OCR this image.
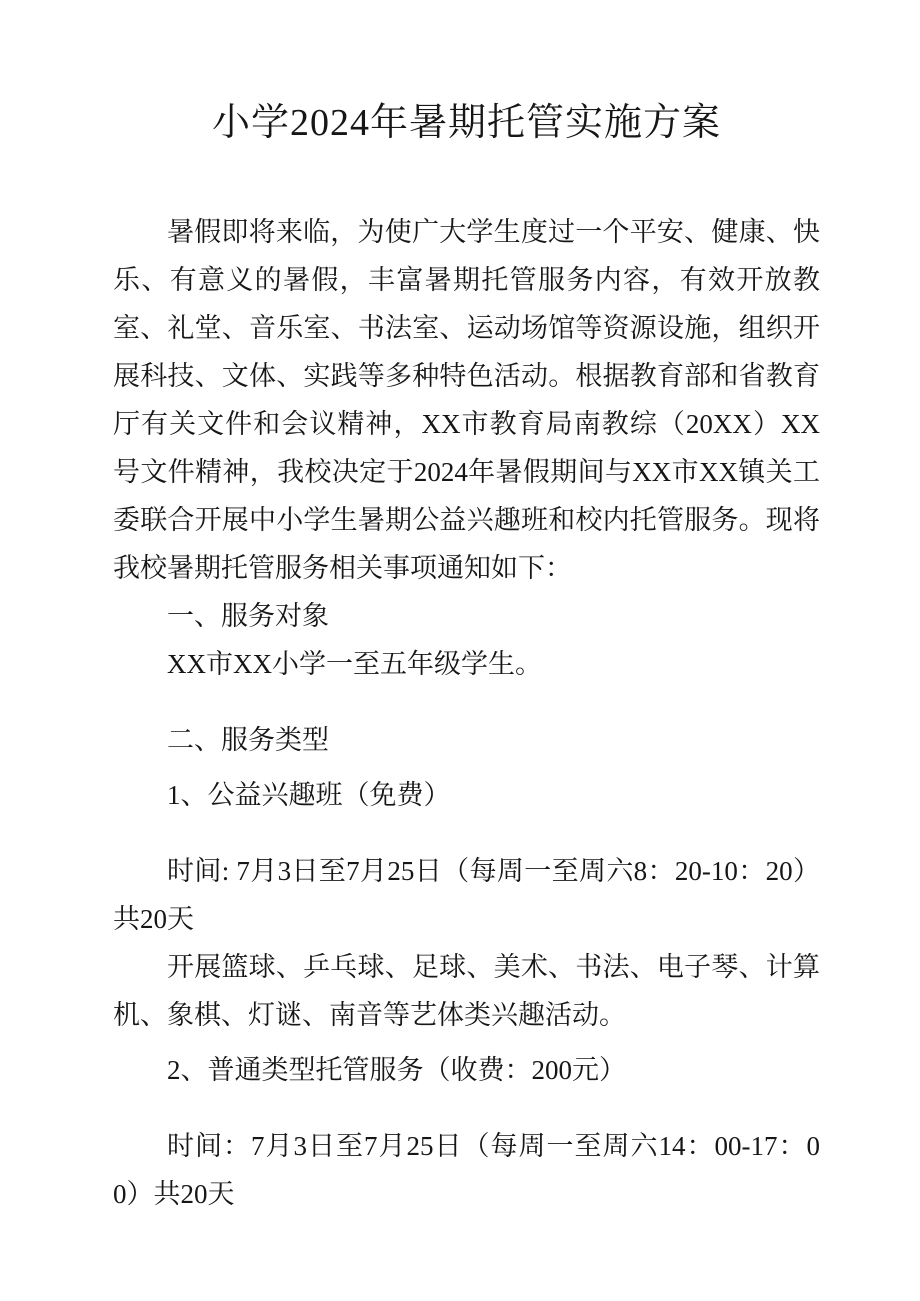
小学2024年暑期托管实施方案

暑假即将来临，为使广大学生度过一个平安、健康、快乐、有意义的暑假，丰富暑期托管服务内容，有效开放教室、礼堂、音乐室、书法室、运动场馆等资源设施，组织开展科技、文体、实践等多种特色活动。根据教育部和省教育厅有关文件和会议精神，XX市教育局南教综（20XX）XX号文件精神，我校决定于2024年暑假期间与XX市XX镇关工委联合开展中小学生暑期公益兴趣班和校内托管服务。现将我校暑期托管服务相关事项通知如下：

一、服务对象

XX市XX小学一至五年级学生。

二、服务类型

1、公益兴趣班（免费）

时间: 7月3日至7月25日（每周一至周六8：20-10：20）共20天

开展篮球、乒乓球、足球、美术、书法、电子琴、计算机、象棋、灯谜、南音等艺体类兴趣活动。

2、普通类型托管服务（收费：200元）

时间：7月3日至7月25日（每周一至周六14：00-17：00）共20天
